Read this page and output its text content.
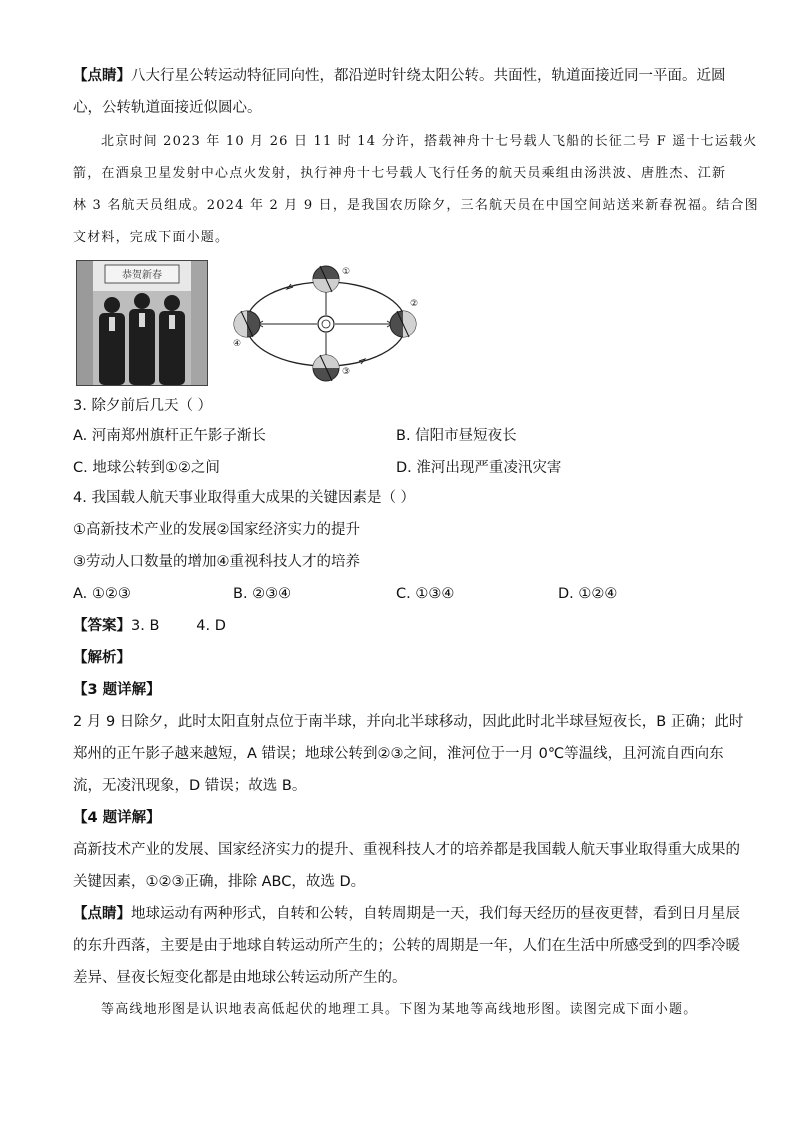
【点睛】八大行星公转运动特征同向性，都沿逆时针绕太阳公转。共面性，轨道面接近同一平面。近圆

心，公转轨道面接近似圆心。

北京时间 2023 年 10 月 26 日 11 时 14 分许，搭载神舟十七号载人飞船的长征二号 F 遥十七运载火

箭，在酒泉卫星发射中心点火发射，执行神舟十七号载人飞行任务的航天员乘组由汤洪波、唐胜杰、江新

林 3 名航天员组成。2024 年 2 月 9 日，是我国农历除夕，三名航天员在中国空间站送来新春祝福。结合图

文材料，完成下面小题。

恭贺新春	①
②
③
④

3. 除夕前后几天（ ）

A. 河南郑州旗杆正午影子渐长	B. 信阳市昼短夜长
C. 地球公转到①②之间	D. 淮河出现严重凌汛灾害

4. 我国载人航天事业取得重大成果的关键因素是（ ）

①高新技术产业的发展②国家经济实力的提升

③劳动人口数量的增加④重视科技人才的培养

A. ①②③	B. ②③④	C. ①③④	D. ①②④

【答案】3. B        4. D

【解析】

【3 题详解】

2 月 9 日除夕，此时太阳直射点位于南半球，并向北半球移动，因此此时北半球昼短夜长，B 正确；此时

郑州的正午影子越来越短，A 错误；地球公转到②③之间，淮河位于一月 0℃等温线，且河流自西向东

流，无凌汛现象，D 错误；故选 B。

【4 题详解】

高新技术产业的发展、国家经济实力的提升、重视科技人才的培养都是我国载人航天事业取得重大成果的

关键因素，①②③正确，排除 ABC，故选 D。

【点睛】地球运动有两种形式，自转和公转，自转周期是一天，我们每天经历的昼夜更替，看到日月星辰

的东升西落，主要是由于地球自转运动所产生的；公转的周期是一年，人们在生活中所感受到的四季冷暖

差异、昼夜长短变化都是由地球公转运动所产生的。

等高线地形图是认识地表高低起伏的地理工具。下图为某地等高线地形图。读图完成下面小题。
